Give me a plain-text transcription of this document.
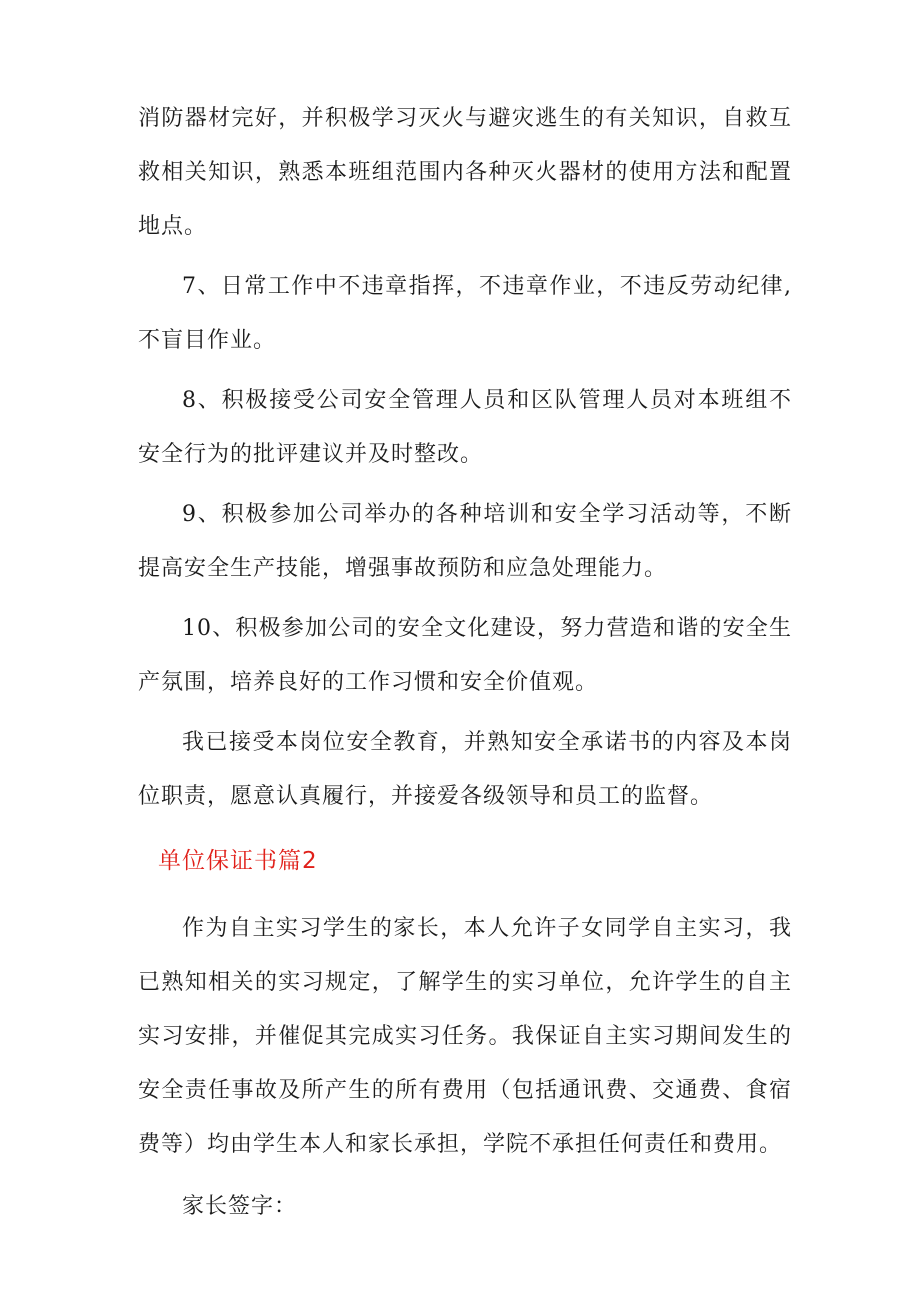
消防器材完好，并积极学习灭火与避灾逃生的有关知识，自救互救相关知识，熟悉本班组范围内各种灭火器材的使用方法和配置地点。

7、日常工作中不违章指挥，不违章作业，不违反劳动纪律,不盲目作业。

8、积极接受公司安全管理人员和区队管理人员对本班组不安全行为的批评建议并及时整改。

9、积极参加公司举办的各种培训和安全学习活动等，不断提高安全生产技能，增强事故预防和应急处理能力。

10、积极参加公司的安全文化建设，努力营造和谐的安全生产氛围，培养良好的工作习惯和安全价值观。

我已接受本岗位安全教育，并熟知安全承诺书的内容及本岗位职责，愿意认真履行，并接爱各级领导和员工的监督。

单位保证书篇2

作为自主实习学生的家长，本人允许子女同学自主实习，我已熟知相关的实习规定，了解学生的实习单位，允许学生的自主实习安排，并催促其完成实习任务。我保证自主实习期间发生的安全责任事故及所产生的所有费用（包括通讯费、交通费、食宿费等）均由学生本人和家长承担，学院不承担任何责任和费用。

家长签字：
